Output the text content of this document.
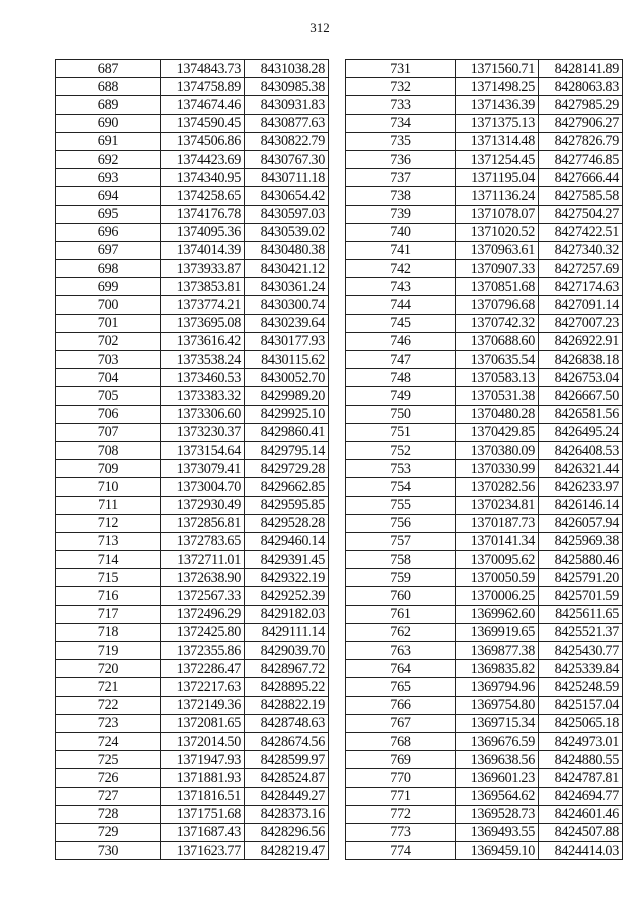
312
687	1374843.73	8431038.28
688	1374758.89	8430985.38
689	1374674.46	8430931.83
690	1374590.45	8430877.63
691	1374506.86	8430822.79
692	1374423.69	8430767.30
693	1374340.95	8430711.18
694	1374258.65	8430654.42
695	1374176.78	8430597.03
696	1374095.36	8430539.02
697	1374014.39	8430480.38
698	1373933.87	8430421.12
699	1373853.81	8430361.24
700	1373774.21	8430300.74
701	1373695.08	8430239.64
702	1373616.42	8430177.93
703	1373538.24	8430115.62
704	1373460.53	8430052.70
705	1373383.32	8429989.20
706	1373306.60	8429925.10
707	1373230.37	8429860.41
708	1373154.64	8429795.14
709	1373079.41	8429729.28
710	1373004.70	8429662.85
711	1372930.49	8429595.85
712	1372856.81	8429528.28
713	1372783.65	8429460.14
714	1372711.01	8429391.45
715	1372638.90	8429322.19
716	1372567.33	8429252.39
717	1372496.29	8429182.03
718	1372425.80	8429111.14
719	1372355.86	8429039.70
720	1372286.47	8428967.72
721	1372217.63	8428895.22
722	1372149.36	8428822.19
723	1372081.65	8428748.63
724	1372014.50	8428674.56
725	1371947.93	8428599.97
726	1371881.93	8428524.87
727	1371816.51	8428449.27
728	1371751.68	8428373.16
729	1371687.43	8428296.56
730	1371623.77	8428219.47
731	1371560.71	8428141.89
732	1371498.25	8428063.83
733	1371436.39	8427985.29
734	1371375.13	8427906.27
735	1371314.48	8427826.79
736	1371254.45	8427746.85
737	1371195.04	8427666.44
738	1371136.24	8427585.58
739	1371078.07	8427504.27
740	1371020.52	8427422.51
741	1370963.61	8427340.32
742	1370907.33	8427257.69
743	1370851.68	8427174.63
744	1370796.68	8427091.14
745	1370742.32	8427007.23
746	1370688.60	8426922.91
747	1370635.54	8426838.18
748	1370583.13	8426753.04
749	1370531.38	8426667.50
750	1370480.28	8426581.56
751	1370429.85	8426495.24
752	1370380.09	8426408.53
753	1370330.99	8426321.44
754	1370282.56	8426233.97
755	1370234.81	8426146.14
756	1370187.73	8426057.94
757	1370141.34	8425969.38
758	1370095.62	8425880.46
759	1370050.59	8425791.20
760	1370006.25	8425701.59
761	1369962.60	8425611.65
762	1369919.65	8425521.37
763	1369877.38	8425430.77
764	1369835.82	8425339.84
765	1369794.96	8425248.59
766	1369754.80	8425157.04
767	1369715.34	8425065.18
768	1369676.59	8424973.01
769	1369638.56	8424880.55
770	1369601.23	8424787.81
771	1369564.62	8424694.77
772	1369528.73	8424601.46
773	1369493.55	8424507.88
774	1369459.10	8424414.03
